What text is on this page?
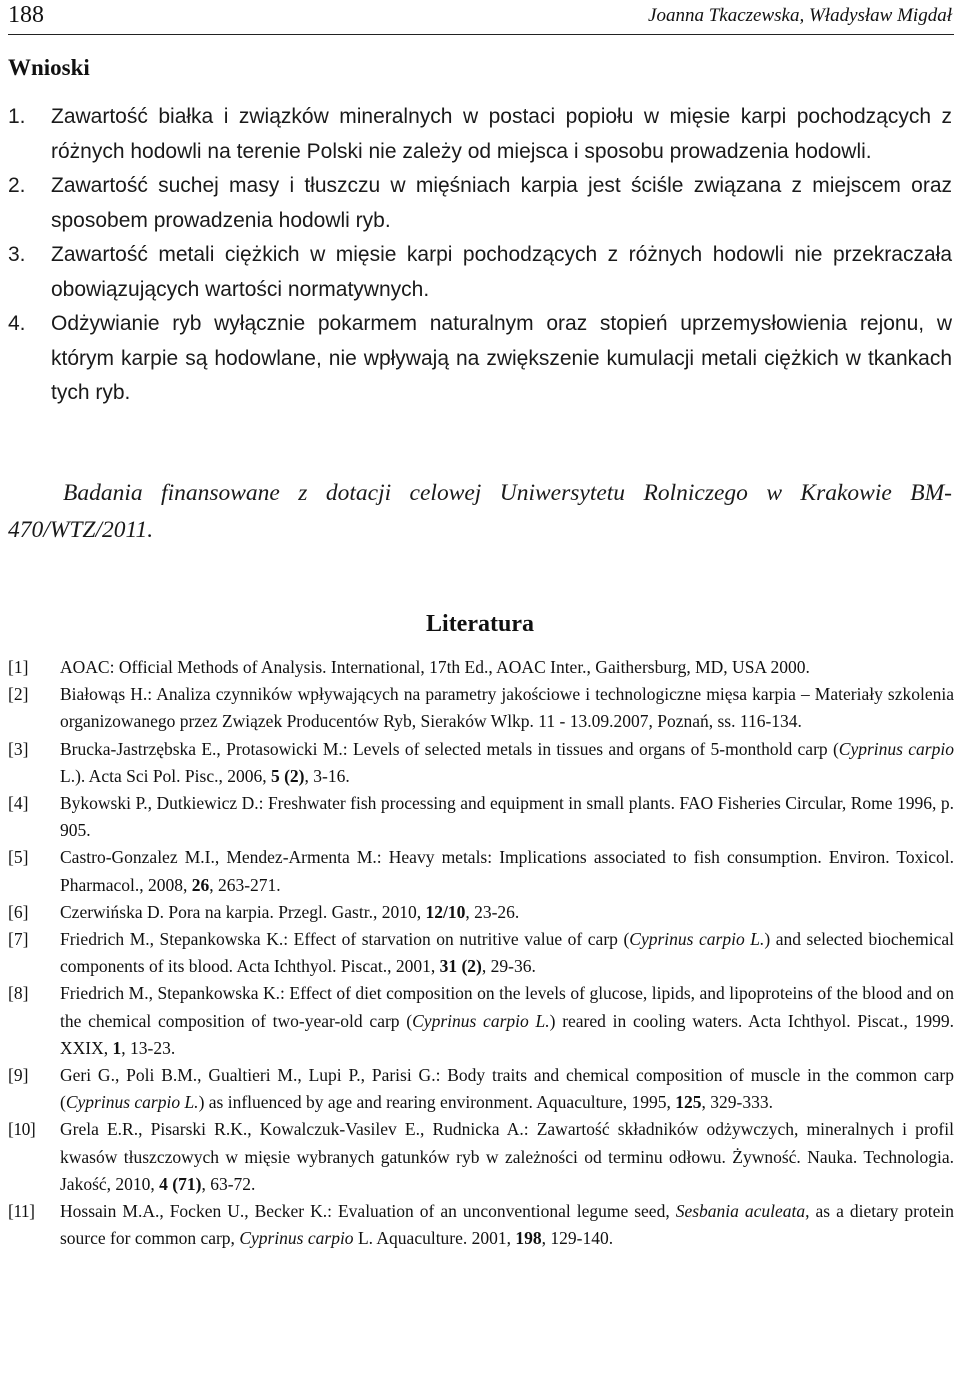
188	Joanna Tkaczewska, Władysław Migdał
Wnioski
1.	Zawartość białka i związków mineralnych w postaci popiołu w mięsie karpi pochodzących z różnych hodowli na terenie Polski nie zależy od miejsca i sposobu prowadzenia hodowli.
2.	Zawartość suchej masy i tłuszczu w mięśniach karpia jest ściśle związana z miejscem oraz sposobem prowadzenia hodowli ryb.
3.	Zawartość metali ciężkich w mięsie karpi pochodzących z różnych hodowli nie przekraczała obowiązujących wartości normatywnych.
4.	Odżywianie ryb wyłącznie pokarmem naturalnym oraz stopień uprzemysłowienia rejonu, w którym karpie są hodowlane, nie wpływają na zwiększenie kumulacji metali ciężkich w tkankach tych ryb.

Badania finansowane z dotacji celowej Uniwersytetu Rolniczego w Krakowie BM-470/WTZ/2011.

Literatura
[1]	AOAC: Official Methods of Analysis. International, 17th Ed., AOAC Inter., Gaithersburg, MD, USA 2000.
[2]	Białowąs H.: Analiza czynników wpływających na parametry jakościowe i technologiczne mięsa karpia – Materiały szkolenia organizowanego przez Związek Producentów Ryb, Sieraków Wlkp. 11 - 13.09.2007, Poznań, ss. 116-134.
[3]	Brucka-Jastrzębska E., Protasowicki M.: Levels of selected metals in tissues and organs of 5-monthold carp (Cyprinus carpio L.). Acta Sci Pol. Pisc., 2006, 5 (2), 3-16.
[4]	Bykowski P., Dutkiewicz D.: Freshwater fish processing and equipment in small plants. FAO Fisheries Circular, Rome 1996, p. 905.
[5]	Castro-Gonzalez M.I., Mendez-Armenta M.: Heavy metals: Implications associated to fish consumption. Environ. Toxicol. Pharmacol., 2008, 26, 263-271.
[6]	Czerwińska D. Pora na karpia. Przegl. Gastr., 2010, 12/10, 23-26.
[7]	Friedrich M., Stepankowska K.: Effect of starvation on nutritive value of carp (Cyprinus carpio L.) and selected biochemical components of its blood. Acta Ichthyol. Piscat., 2001, 31 (2), 29-36.
[8]	Friedrich M., Stepankowska K.: Effect of diet composition on the levels of glucose, lipids, and lipoproteins of the blood and on the chemical composition of two-year-old carp (Cyprinus carpio L.) reared in cooling waters. Acta Ichthyol. Piscat., 1999. XXIX, 1, 13-23.
[9]	Geri G., Poli B.M., Gualtieri M., Lupi P., Parisi G.: Body traits and chemical composition of muscle in the common carp (Cyprinus carpio L.) as influenced by age and rearing environment. Aquaculture, 1995, 125, 329-333.
[10]	Grela E.R., Pisarski R.K., Kowalczuk-Vasilev E., Rudnicka A.: Zawartość składników odżywczych, mineralnych i profil kwasów tłuszczowych w mięsie wybranych gatunków ryb w zależności od terminu odłowu. Żywność. Nauka. Technologia. Jakość, 2010, 4 (71), 63-72.
[11]	Hossain M.A., Focken U., Becker K.: Evaluation of an unconventional legume seed, Sesbania aculeata, as a dietary protein source for common carp, Cyprinus carpio L. Aquaculture. 2001, 198, 129-140.
